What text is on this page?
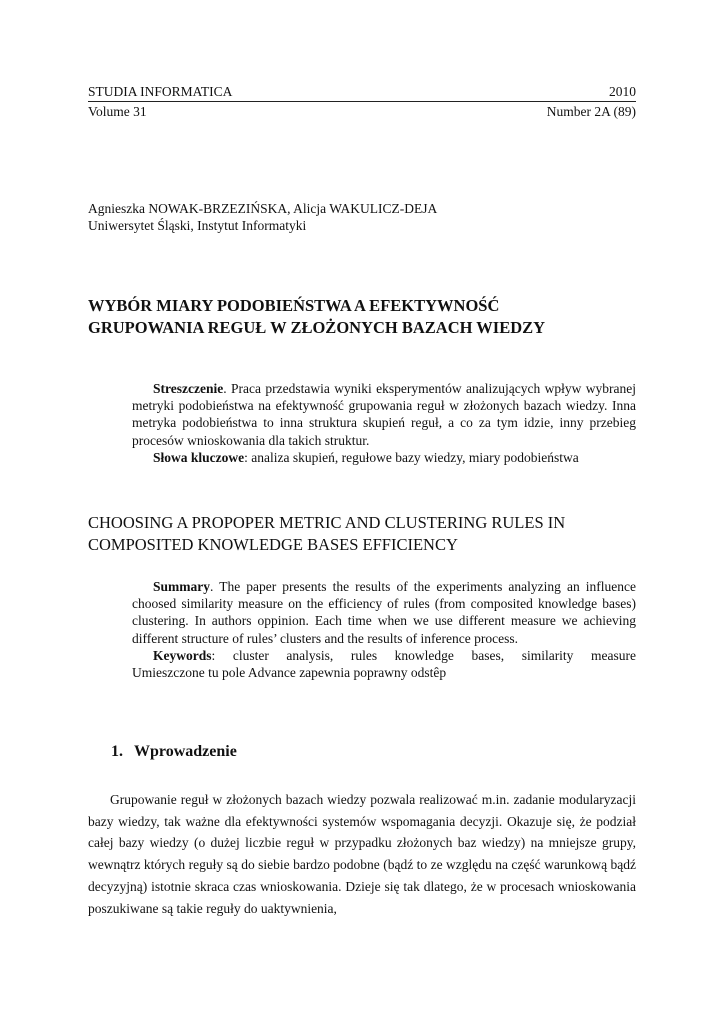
STUDIA INFORMATICA	2010
Volume 31	Number 2A (89)
Agnieszka NOWAK-BRZEZIŃSKA, Alicja WAKULICZ-DEJA
Uniwersytet Śląski, Instytut Informatyki
WYBÓR MIARY PODOBIEŃSTWA A EFEKTYWNOŚĆ
GRUPOWANIA REGUŁ W ZŁOŻONYCH BAZACH WIEDZY
Streszczenie. Praca przedstawia wyniki eksperymentów analizujących wpływ wybranej metryki podobieństwa na efektywność grupowania reguł w złożonych bazach wiedzy. Inna metryka podobieństwa to inna struktura skupień reguł, a co za tym idzie, inny przebieg procesów wnioskowania dla takich struktur.
Słowa kluczowe: analiza skupień, regułowe bazy wiedzy, miary podobieństwa
CHOOSING A PROPOPER METRIC AND CLUSTERING RULES IN
COMPOSITED KNOWLEDGE BASES EFFICIENCY
Summary. The paper presents the results of the experiments analyzing an influence choosed similarity measure on the efficiency of rules (from composited knowledge bases) clustering. In authors oppinion. Each time when we use different measure we achieving different structure of rules’ clusters and the results of inference process.
Keywords: cluster analysis, rules knowledge bases, similarity measure
Umieszczone tu pole Advance zapewnia poprawny odstêp
1. Wprowadzenie
Grupowanie reguł w złożonych bazach wiedzy pozwala realizować m.in. zadanie modularyzacji bazy wiedzy, tak ważne dla efektywności systemów wspomagania decyzji. Okazuje się, że podział całej bazy wiedzy (o dużej liczbie reguł w przypadku złożonych baz wiedzy) na mniejsze grupy, wewnątrz których reguły są do siebie bardzo podobne (bądź to ze względu na część warunkową bądź decyzyjną) istotnie skraca czas wnioskowania. Dzieje się tak dlatego, że w procesach wnioskowania poszukiwane są takie reguły do uaktywnienia,
